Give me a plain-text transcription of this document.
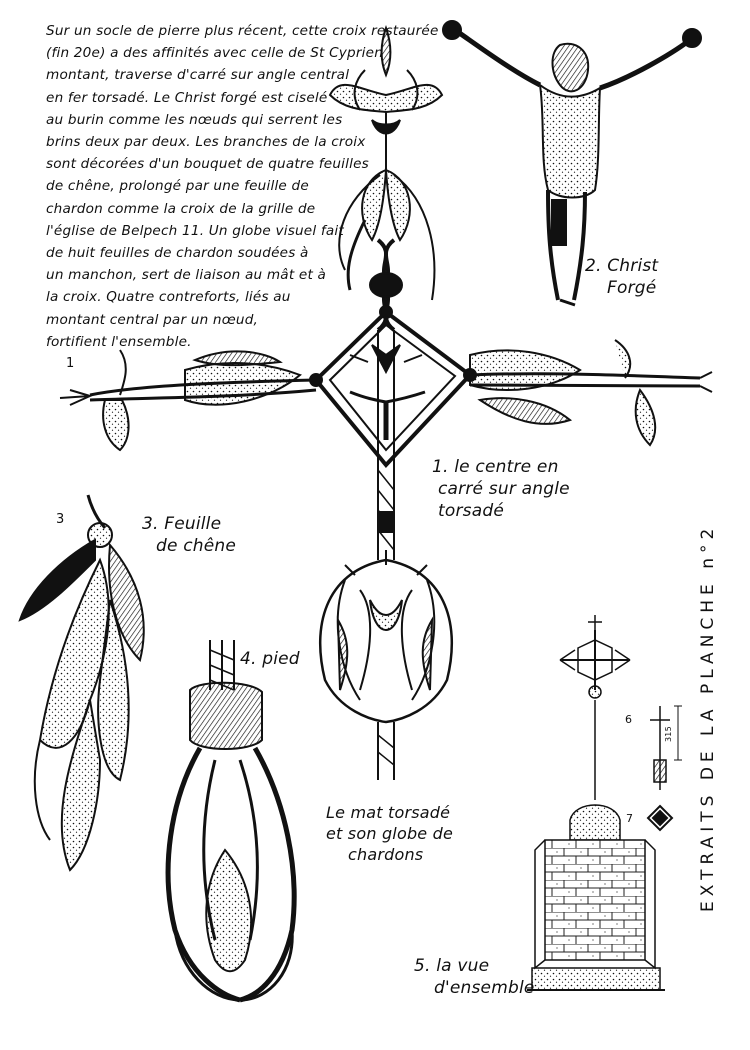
Sur un socle de pierre plus récent, cette croix restaurée
(fin 20e) a des affinités avec celle de St Cyprien
montant, traverse d'carré sur angle central
en fer torsadé. Le Christ forgé est ciselé
au burin comme les nœuds qui serrent les
brins deux par deux. Les branches de la croix
sont décorées d'un bouquet de quatre feuilles
de chêne, prolongé par une feuille de
chardon comme la croix de la grille de
l'église de Belpech 11. Un globe visuel fait
de huit feuilles de chardon soudées à
un manchon, sert de liaison au mât et à
la croix. Quatre contreforts, liés au
montant central par un nœud,
fortifient l'ensemble.
2. Christ
Forgé
1. le centre en
carré sur angle
torsadé
3. Feuille
de chêne
4. pied
Le mat torsadé
et son globe de
chardons
5. la vue
d'ensemble
1
3
6
7
315 EXTRAITS DE LA PLANCHE n°2
